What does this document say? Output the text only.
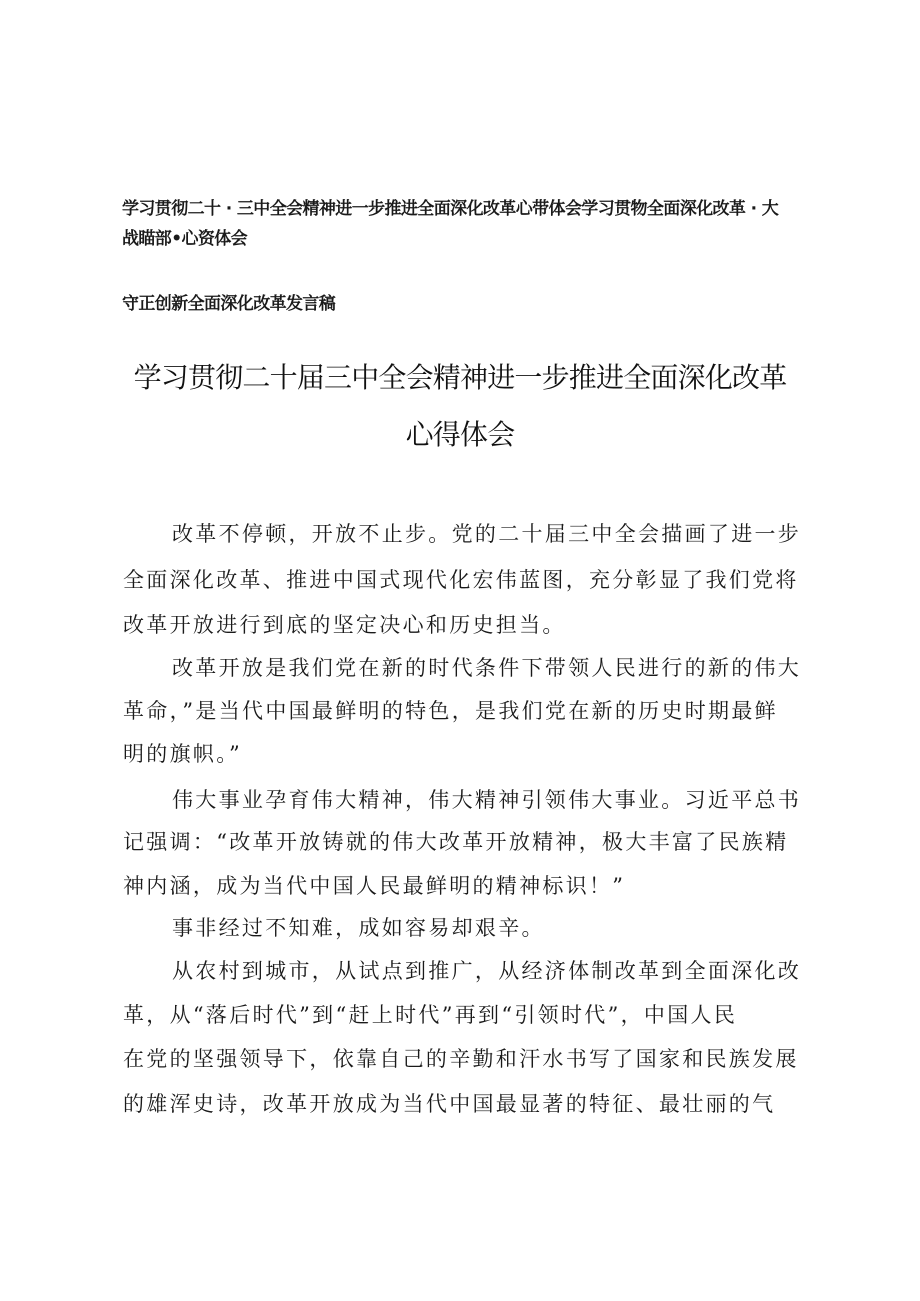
学习贯彻二十 · 三中全会精神进一步推进全面深化改革心带体会学习贯物全面深化改革 · 大
战瞄部•心资体会
守正创新全面深化改革发言稿
学习贯彻二十届三中全会精神进一步推进全面深化改革
心得体会
改革不停顿，开放不止步。党的二十届三中全会描画了进一步
全面深化改革、推进中国式现代化宏伟蓝图，充分彰显了我们党将
改革开放进行到底的坚定决心和历史担当。
改革开放是我们党在新的时代条件下带领人民进行的新的伟大
革命，”是当代中国最鲜明的特色，是我们党在新的历史时期最鲜
明的旗帜。”
伟大事业孕育伟大精神，伟大精神引领伟大事业。习近平总书
记强调：“改革开放铸就的伟大改革开放精神，极大丰富了民族精
神内涵，成为当代中国人民最鲜明的精神标识！”
事非经过不知难，成如容易却艰辛。
从农村到城市，从试点到推广，从经济体制改革到全面深化改
革，从“落后时代”到“赶上时代”再到“引领时代”，中国人民
在党的坚强领导下，依靠自己的辛勤和汗水书写了国家和民族发展
的雄浑史诗，改革开放成为当代中国最显著的特征、最壮丽的气
